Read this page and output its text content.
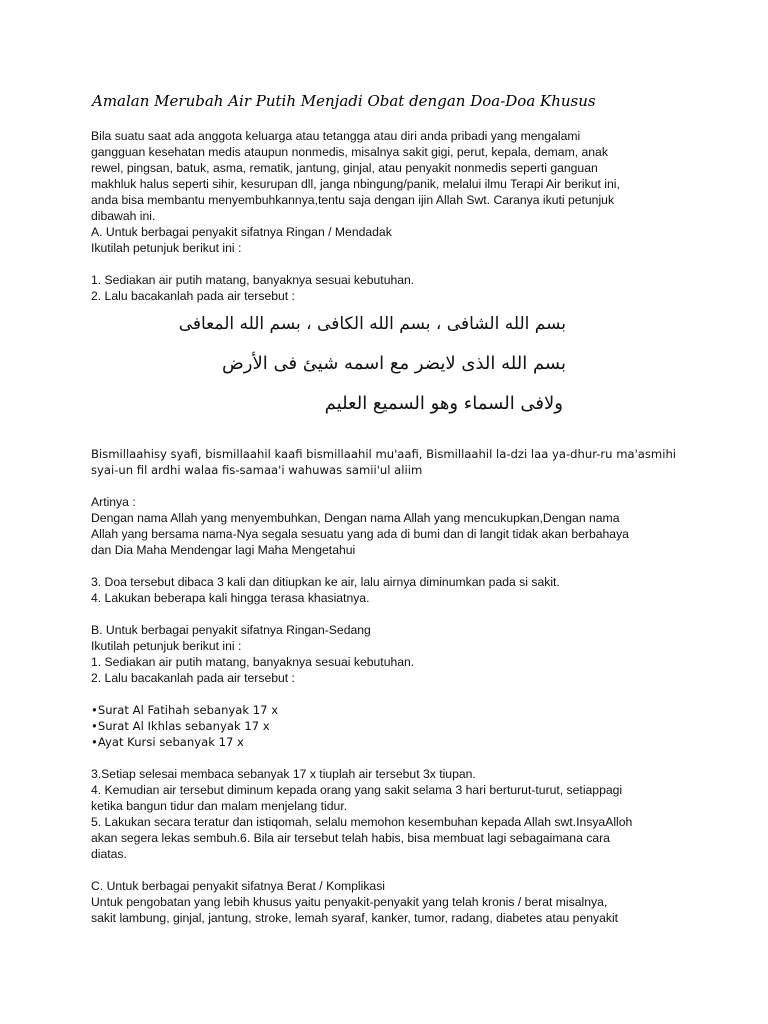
Amalan Merubah Air Putih Menjadi Obat dengan Doa-Doa Khusus

Bila suatu saat ada anggota keluarga atau tetangga atau diri anda pribadi yang mengalami

gangguan kesehatan medis ataupun nonmedis, misalnya sakit gigi, perut, kepala, demam, anak

rewel, pingsan, batuk, asma, rematik, jantung, ginjal, atau penyakit nonmedis seperti ganguan

makhluk halus seperti sihir, kesurupan dll, janga nbingung/panik, melalui ilmu Terapi Air berikut ini,

anda bisa membantu menyembuhkannya,tentu saja dengan ijin Allah Swt. Caranya ikuti petunjuk

dibawah ini.

A. Untuk berbagai penyakit sifatnya Ringan / Mendadak

Ikutilah petunjuk berikut ini :

1. Sediakan air putih matang, banyaknya sesuai kebutuhan.

2. Lalu bacakanlah pada air tersebut :

بسم الله الشافى ، بسم الله الكافى ، بسم الله المعافى
بسم الله الذى لايضر مع اسمه شيئ فى الأرض
ولافى السماء وهو السميع العليم

Bismillaahisy syafi, bismillaahil kaafi bismillaahil mu'aafi, Bismillaahil la-dzi laa ya-dhur-ru ma'asmihi

syai-un fil ardhi walaa fis-samaa'i wahuwas samii'ul aliim

Artinya :

Dengan nama Allah yang menyembuhkan, Dengan nama Allah yang mencukupkan,Dengan nama

Allah yang bersama nama-Nya segala sesuatu yang ada di bumi dan di langit tidak akan berbahaya

dan Dia Maha Mendengar lagi Maha Mengetahui

3. Doa tersebut dibaca 3 kali dan ditiupkan ke air, lalu airnya diminumkan pada si sakit.

4. Lakukan beberapa kali hingga terasa khasiatnya.

B. Untuk berbagai penyakit sifatnya Ringan-Sedang

Ikutilah petunjuk berikut ini :

1. Sediakan air putih matang, banyaknya sesuai kebutuhan.

2. Lalu bacakanlah pada air tersebut :

•Surat Al Fatihah sebanyak 17 x

•Surat Al Ikhlas sebanyak 17 x

•Ayat Kursi sebanyak 17 x

3.Setiap selesai membaca sebanyak 17 x tiuplah air tersebut 3x tiupan.

4. Kemudian air tersebut diminum kepada orang yang sakit selama 3 hari berturut-turut, setiappagi

ketika bangun tidur dan malam menjelang tidur.

5. Lakukan secara teratur dan istiqomah, selalu memohon kesembuhan kepada Allah swt.InsyaAlloh

akan segera lekas sembuh.6. Bila air tersebut telah habis, bisa membuat lagi sebagaimana cara

diatas.

C. Untuk berbagai penyakit sifatnya Berat / Komplikasi

Untuk pengobatan yang lebih khusus yaitu penyakit-penyakit yang telah kronis / berat misalnya,

sakit lambung, ginjal, jantung, stroke, lemah syaraf, kanker, tumor, radang, diabetes atau penyakit
